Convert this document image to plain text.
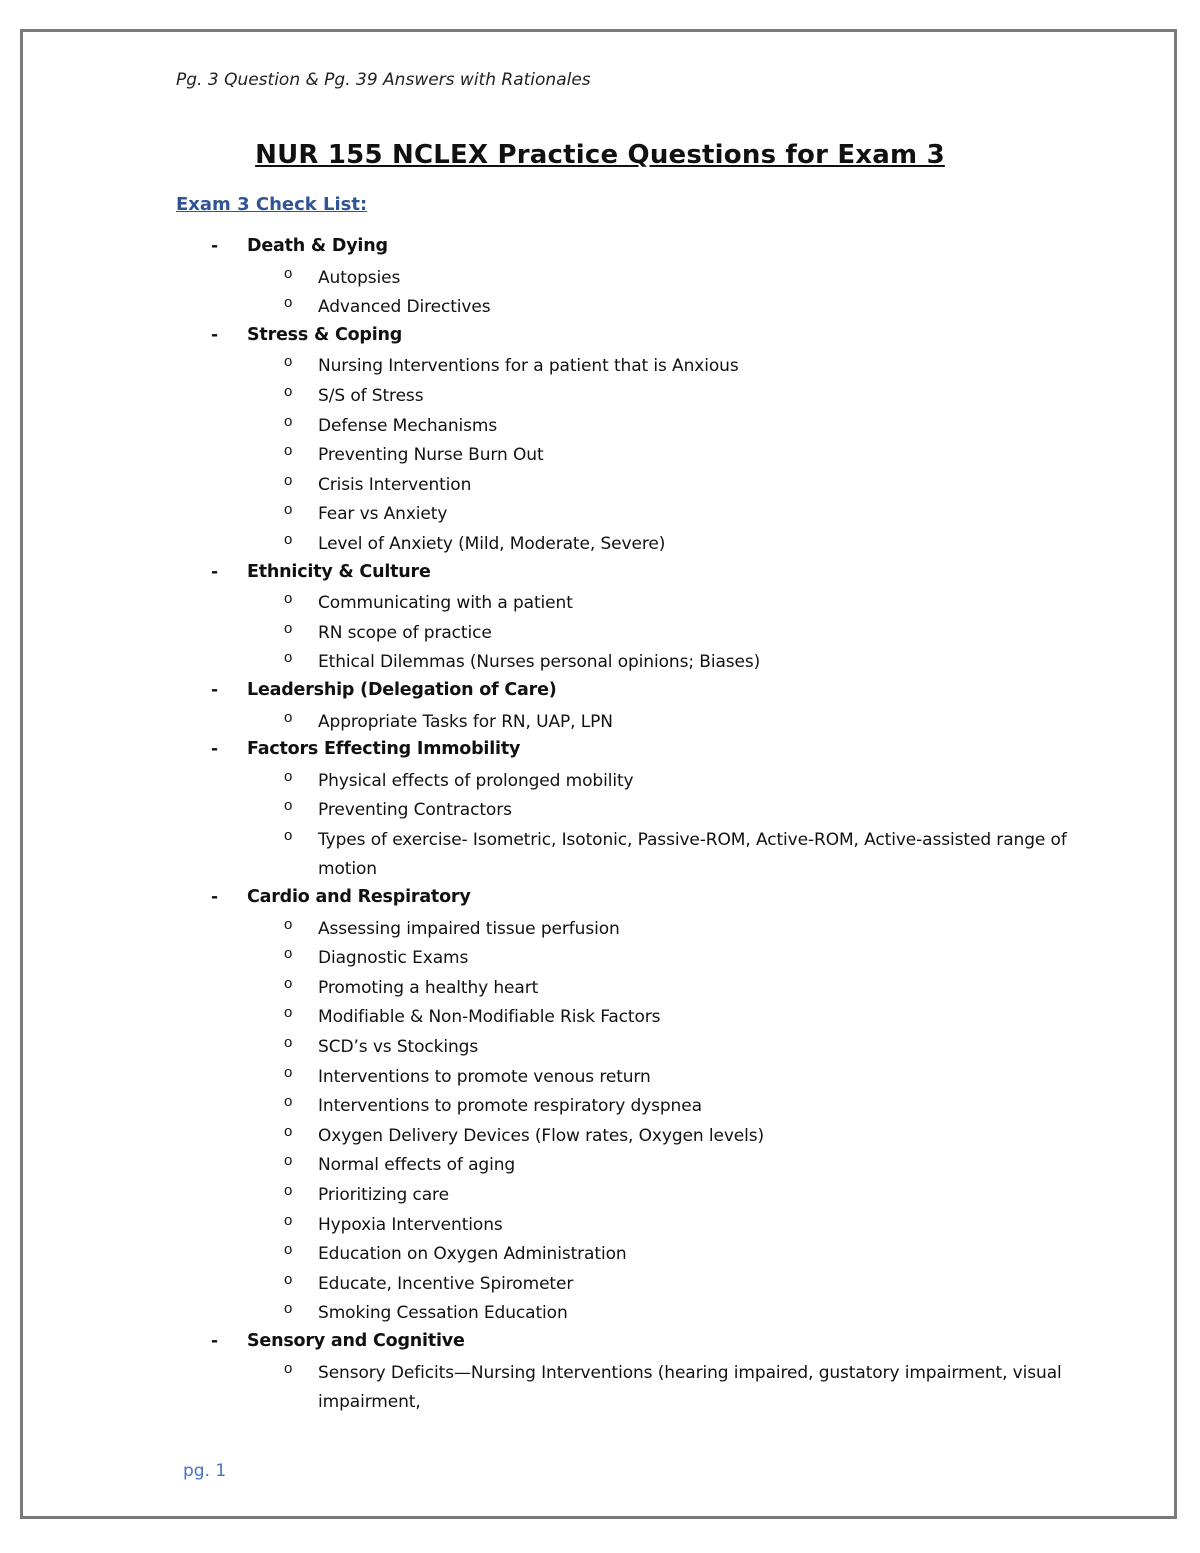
Pg. 3 Question & Pg. 39 Answers with Rationales
NUR 155 NCLEX Practice Questions for Exam 3
Exam 3 Check List:
- Death & Dying
o Autopsies
o Advanced Directives
- Stress & Coping
o Nursing Interventions for a patient that is Anxious
o S/S of Stress
o Defense Mechanisms
o Preventing Nurse Burn Out
o Crisis Intervention
o Fear vs Anxiety
o Level of Anxiety (Mild, Moderate, Severe)
- Ethnicity & Culture
o Communicating with a patient
o RN scope of practice
o Ethical Dilemmas (Nurses personal opinions; Biases)
- Leadership (Delegation of Care)
o Appropriate Tasks for RN, UAP, LPN
- Factors Effecting Immobility
o Physical effects of prolonged mobility
o Preventing Contractors
o Types of exercise- Isometric, Isotonic, Passive-ROM, Active-ROM, Active-assisted range of motion
- Cardio and Respiratory
o Assessing impaired tissue perfusion
o Diagnostic Exams
o Promoting a healthy heart
o Modifiable & Non-Modifiable Risk Factors
o SCD’s vs Stockings
o Interventions to promote venous return
o Interventions to promote respiratory dyspnea
o Oxygen Delivery Devices (Flow rates, Oxygen levels)
o Normal effects of aging
o Prioritizing care
o Hypoxia Interventions
o Education on Oxygen Administration
o Educate, Incentive Spirometer
o Smoking Cessation Education
- Sensory and Cognitive
o Sensory Deficits—Nursing Interventions (hearing impaired, gustatory impairment, visual impairment,
pg. 1
